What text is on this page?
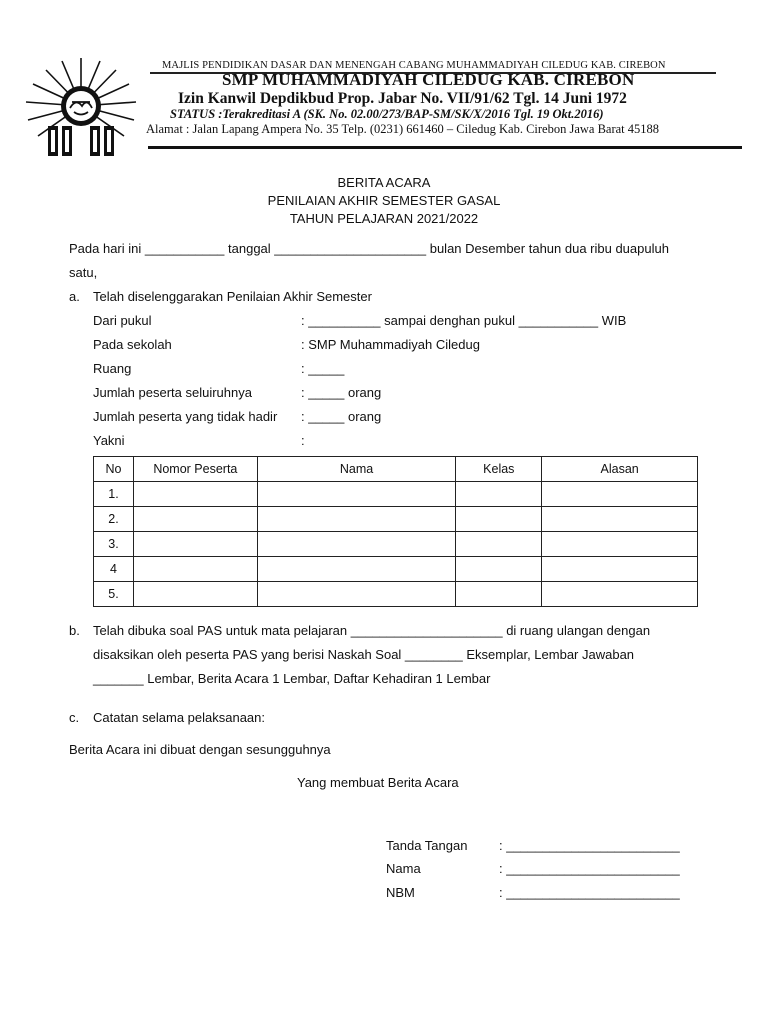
MAJLIS PENDIDIKAN DASAR DAN MENENGAH CABANG MUHAMMADIYAH CILEDUG KAB. CIREBON
SMP MUHAMMADIYAH CILEDUG KAB. CIREBON
Izin Kanwil Depdikbud Prop. Jabar No. VII/91/62 Tgl. 14 Juni 1972
STATUS :Terakreditasi A (SK. No. 02.00/273/BAP-SM/SK/X/2016 Tgl. 19 Okt.2016)
Alamat : Jalan Lapang Ampera No. 35 Telp. (0231) 661460 – Ciledug Kab. Cirebon Jawa Barat 45188
BERITA ACARA
PENILAIAN AKHIR SEMESTER GASAL
TAHUN PELAJARAN 2021/2022
Pada hari ini ___________ tanggal _____________________ bulan Desember tahun dua ribu duapuluh
satu,
a. Telah diselenggarakan Penilaian Akhir Semester
Dari pukul	: __________ sampai denghan pukul ___________ WIB
Pada sekolah	: SMP Muhammadiyah Ciledug
Ruang	: _____
Jumlah peserta seluiruhnya	: _____ orang
Jumlah peserta yang tidak hadir : _____ orang
Yakni	:
No	Nomor Peserta	Nama	Kelas	Alasan
1.				
2.				
3.				
4				
5.				
b. Telah dibuka soal PAS untuk mata pelajaran _____________________ di ruang ulangan dengan
disaksikan oleh peserta PAS yang berisi Naskah Soal ________ Eksemplar, Lembar Jawaban
_______ Lembar, Berita Acara 1 Lembar, Daftar Kehadiran 1 Lembar
c. Catatan selama pelaksanaan:
Berita Acara ini dibuat dengan sesungguhnya
Yang membuat Berita Acara
Tanda Tangan : ________________________
Nama	: ________________________
NBM	: ________________________
